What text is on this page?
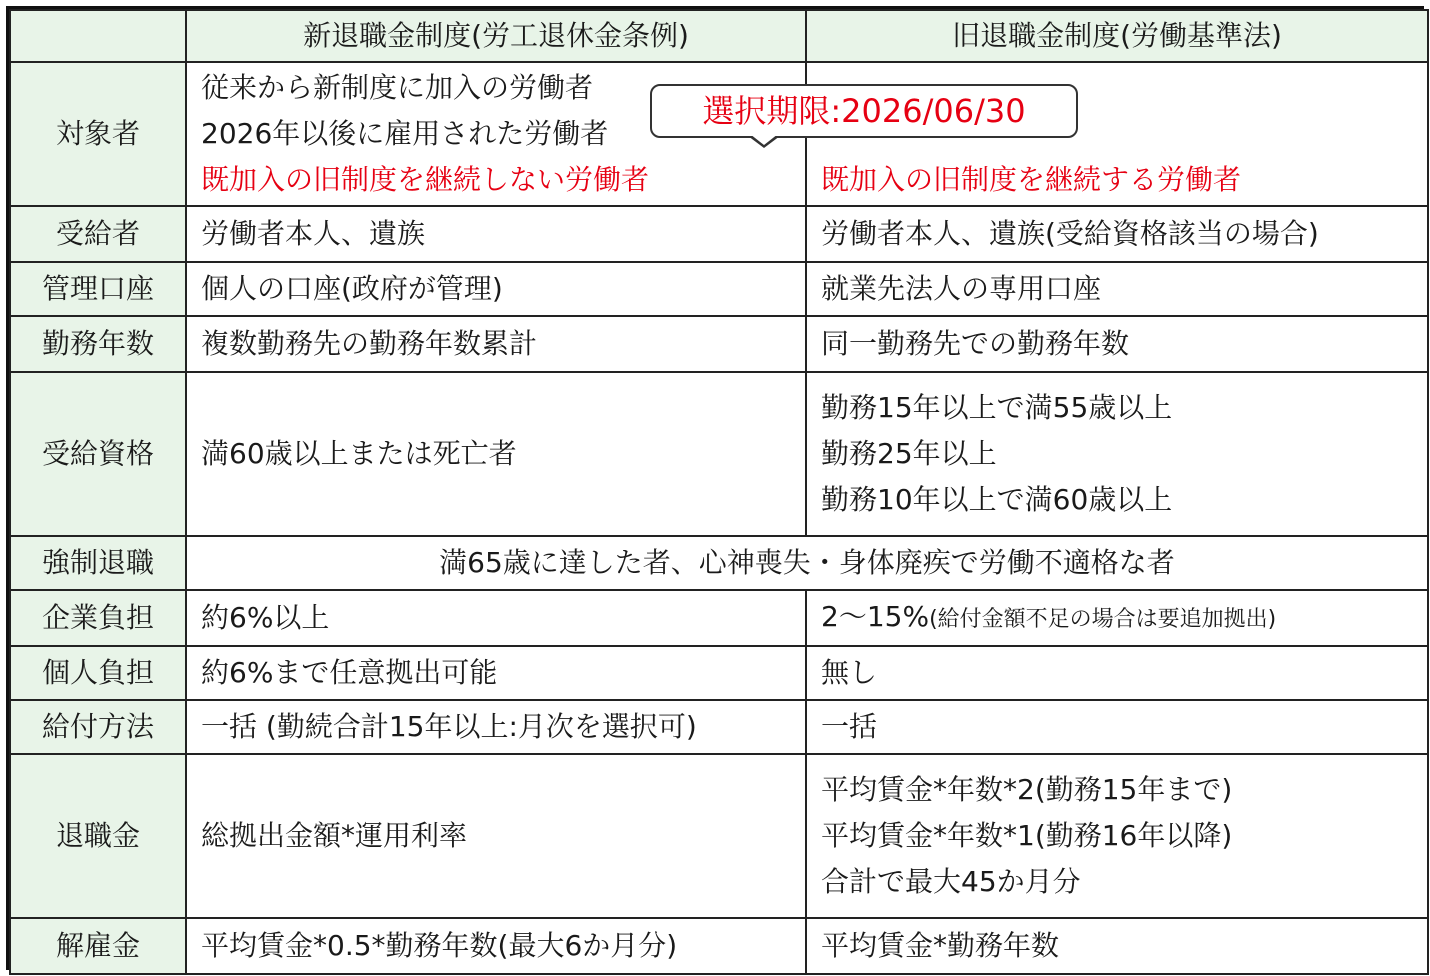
	新退職金制度(労工退休金条例)	旧退職金制度(労働基準法)
対象者	従来から新制度に加入の労働者
2026年以後に雇用された労働者
既加入の旧制度を継続しない労働者	既加入の旧制度を継続する労働者

受給者	労働者本人、遺族	労働者本人、遺族(受給資格該当の場合)
管理口座	個人の口座(政府が管理)	就業先法人の専用口座
勤務年数	複数勤務先の勤務年数累計	同一勤務先での勤務年数
受給資格	満60歳以上または死亡者	勤務15年以上で満55歳以上
勤務25年以上
勤務10年以上で満60歳以上

強制退職	満65歳に達した者、心神喪失・身体廃疾で労働不適格な者	
企業負担	約6%以上	2～15%(給付金額不足の場合は要追加拠出)
個人負担	約6%まで任意拠出可能	無し
給付方法	一括 (勤続合計15年以上:月次を選択可)	一括
退職金	総拠出金額*運用利率	平均賃金*年数*2(勤務15年まで)
平均賃金*年数*1(勤務16年以降)
合計で最大45か月分

解雇金	平均賃金*0.5*勤務年数(最大6か月分)	平均賃金*勤務年数
選択期限:2026/06/30
